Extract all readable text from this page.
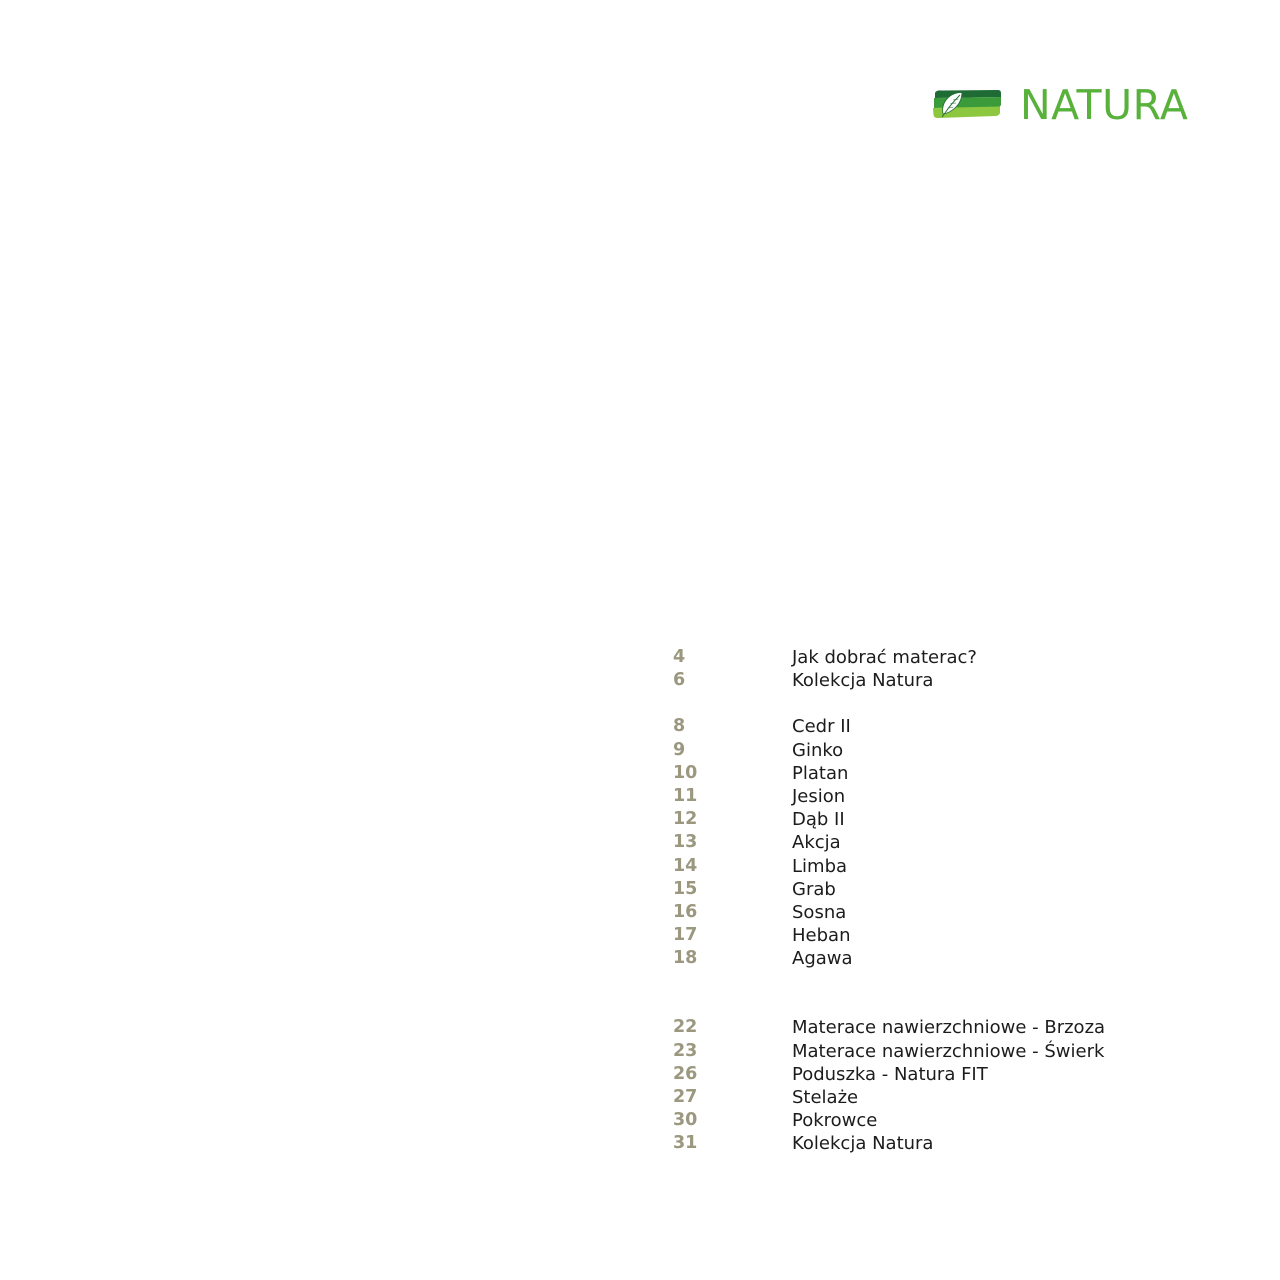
NATURA
4	Jak dobrać materac?
6	Kolekcja Natura
8	Cedr II
9	Ginko
10	Platan
11	Jesion
12	Dąb II
13	Akcja
14	Limba
15	Grab
16	Sosna
17	Heban
18	Agawa
22	Materace nawierzchniowe - Brzoza
23	Materace nawierzchniowe - Świerk
26	Poduszka - Natura FIT
27	Stelaże
30	Pokrowce
31	Kolekcja Natura
